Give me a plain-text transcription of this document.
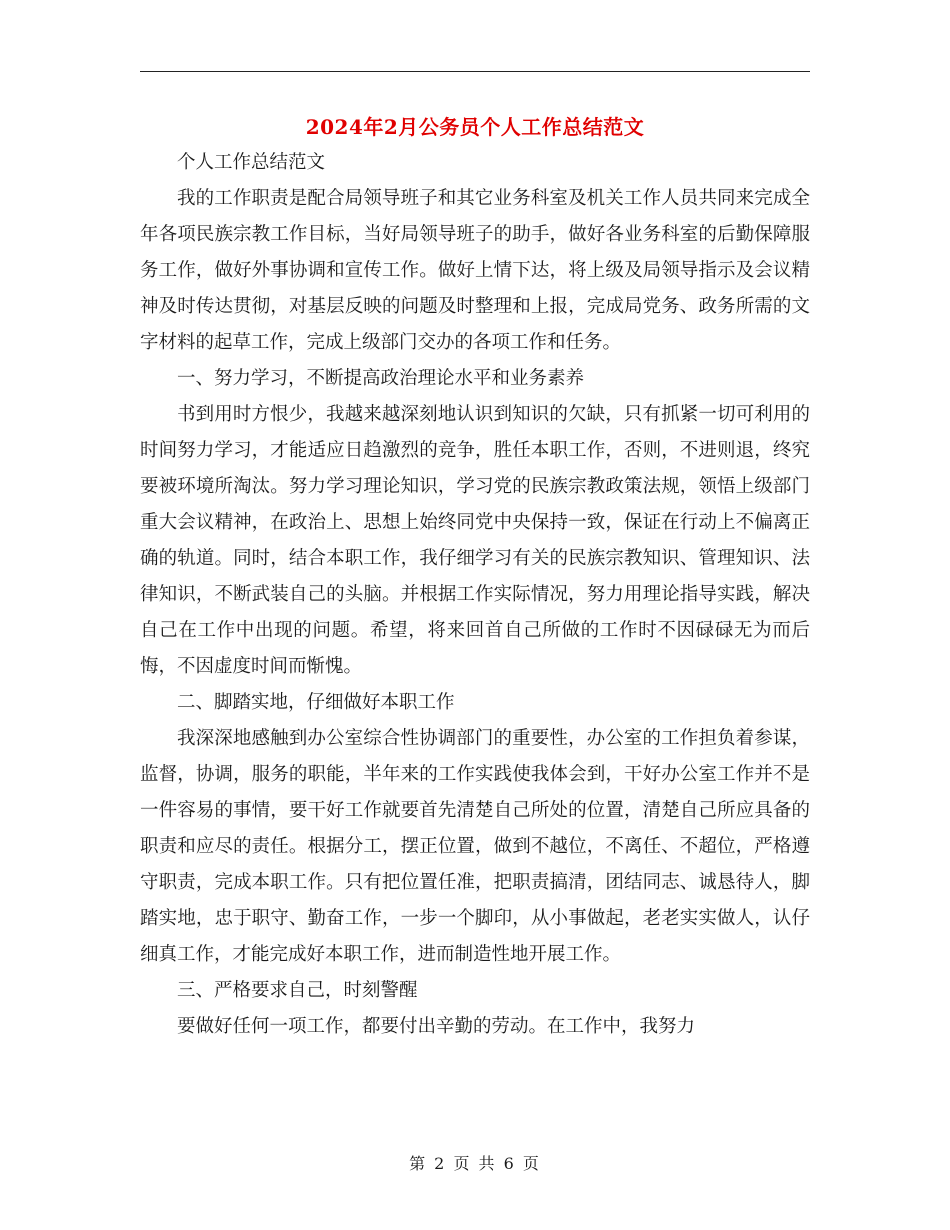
2024年2月公务员个人工作总结范文

个人工作总结范文

我的工作职责是配合局领导班子和其它业务科室及机关工作人员共同来完成全年各项民族宗教工作目标，当好局领导班子的助手，做好各业务科室的后勤保障服务工作，做好外事协调和宣传工作。做好上情下达，将上级及局领导指示及会议精神及时传达贯彻，对基层反映的问题及时整理和上报，完成局党务、政务所需的文字材料的起草工作，完成上级部门交办的各项工作和任务。

一、努力学习，不断提高政治理论水平和业务素养

书到用时方恨少，我越来越深刻地认识到知识的欠缺，只有抓紧一切可利用的时间努力学习，才能适应日趋激烈的竞争，胜任本职工作，否则，不进则退，终究要被环境所淘汰。努力学习理论知识，学习党的民族宗教政策法规，领悟上级部门重大会议精神，在政治上、思想上始终同党中央保持一致，保证在行动上不偏离正确的轨道。同时，结合本职工作，我仔细学习有关的民族宗教知识、管理知识、法律知识，不断武装自己的头脑。并根据工作实际情况，努力用理论指导实践，解决自己在工作中出现的问题。希望，将来回首自己所做的工作时不因碌碌无为而后悔，不因虚度时间而惭愧。

二、脚踏实地，仔细做好本职工作

我深深地感触到办公室综合性协调部门的重要性，办公室的工作担负着参谋，监督，协调，服务的职能，半年来的工作实践使我体会到，干好办公室工作并不是一件容易的事情，要干好工作就要首先清楚自己所处的位置，清楚自己所应具备的职责和应尽的责任。根据分工，摆正位置，做到不越位，不离任、不超位，严格遵守职责，完成本职工作。只有把位置任准，把职责搞清，团结同志、诚恳待人，脚踏实地，忠于职守、勤奋工作，一步一个脚印，从小事做起，老老实实做人，认仔细真工作，才能完成好本职工作，进而制造性地开展工作。

三、严格要求自己，时刻警醒

要做好任何一项工作，都要付出辛勤的劳动。在工作中，我努力

第 2 页 共 6 页
